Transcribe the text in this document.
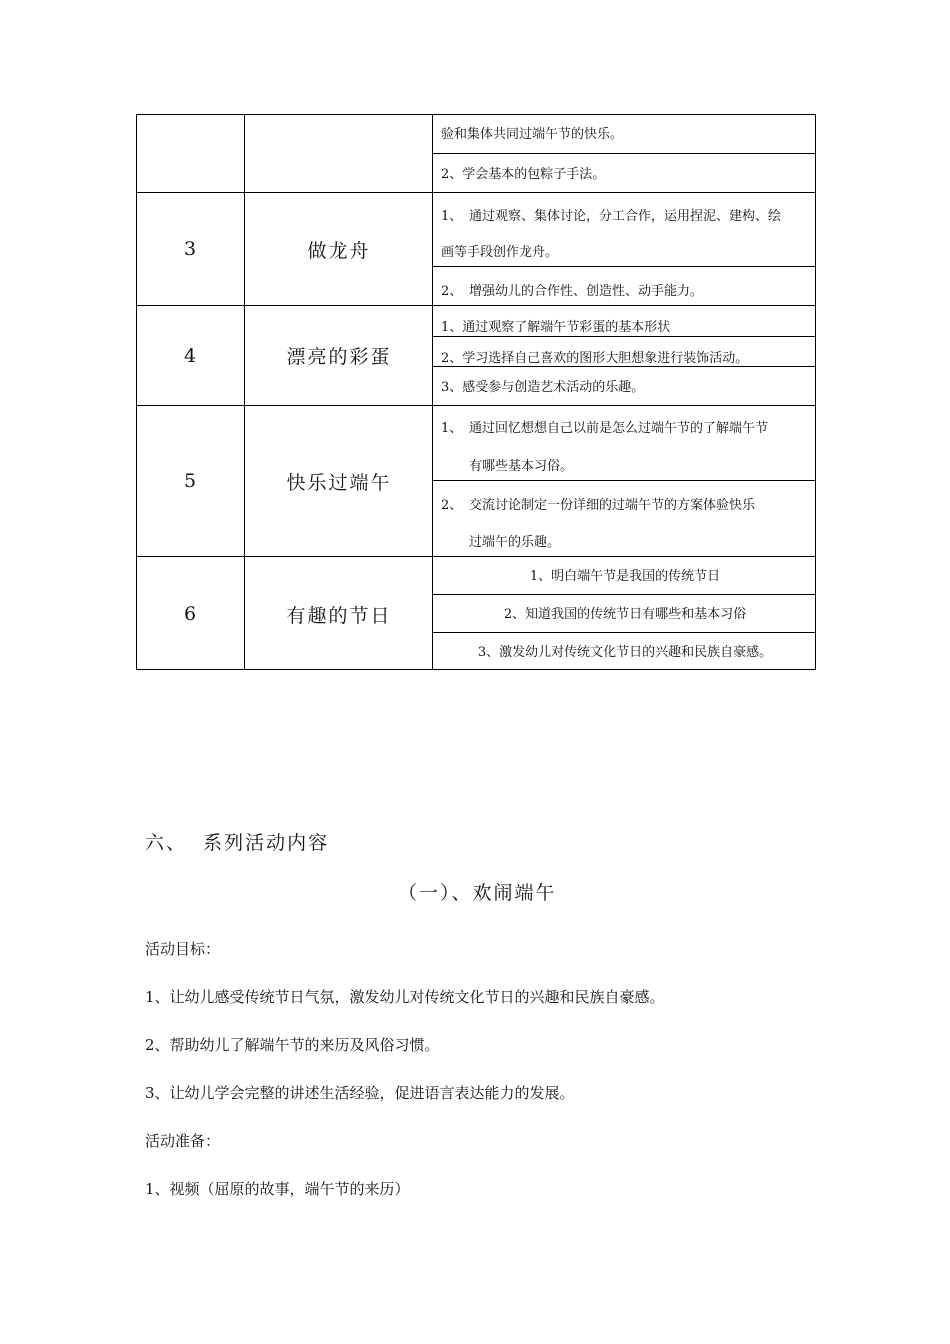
验和集体共同过端午节的快乐。
2、学会基本的包粽子手法。
3	做龙舟
1、 通过观察、集体讨论，分工合作，运用捏泥、建构、绘
画等手段创作龙舟。
2、 增强幼儿的合作性、创造性、动手能力。
4	漂亮的彩蛋
1、通过观察了解端午节彩蛋的基本形状
2、学习选择自己喜欢的图形大胆想象进行装饰活动。
3、感受参与创造艺术活动的乐趣。
5	快乐过端午
1、 通过回忆想想自己以前是怎么过端午节的了解端午节
有哪些基本习俗。
2、 交流讨论制定一份详细的过端午节的方案体验快乐
过端午的乐趣。
6	有趣的节日
1、明白端午节是我国的传统节日
2、知道我国的传统节日有哪些和基本习俗
3、激发幼儿对传统文化节日的兴趣和民族自豪感。
六、  系列活动内容
（一）、欢闹端午
活动目标：
1、让幼儿感受传统节日气氛，激发幼儿对传统文化节日的兴趣和民族自豪感。
2、帮助幼儿了解端午节的来历及风俗习惯。
3、让幼儿学会完整的讲述生活经验，促进语言表达能力的发展。
活动准备：
1、视频（屈原的故事，端午节的来历）
